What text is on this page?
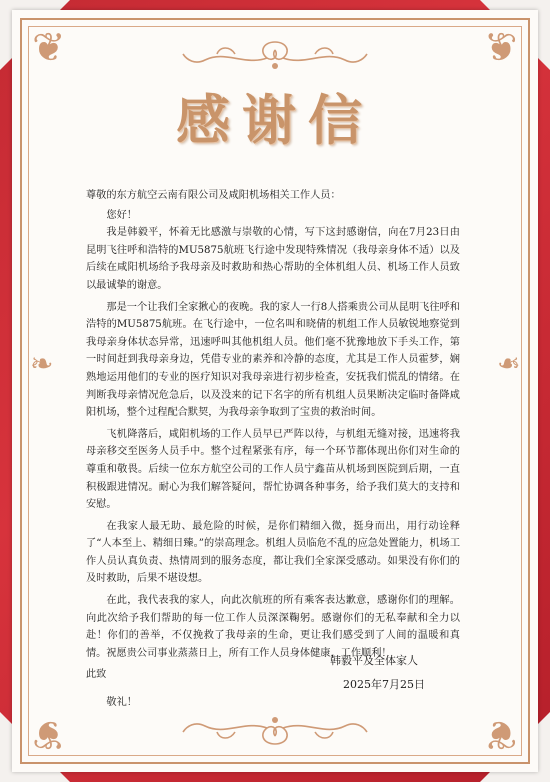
❦	❦
❦	❦
❧	❧
感谢信

尊敬的东方航空云南有限公司及咸阳机场相关工作人员：

您好！

我是韩毅平，怀着无比感激与崇敬的心情，写下这封感谢信，向在7月23日由昆明飞往呼和浩特的MU5875航班飞行途中发现特殊情况（我母亲身体不适）以及后续在咸阳机场给予我母亲及时救助和热心帮助的全体机组人员、机场工作人员致以最诚挚的谢意。

那是一个让我们全家揪心的夜晚。我的家人一行8人搭乘贵公司从昆明飞往呼和浩特的MU5875航班。在飞行途中，一位名叫和晓倩的机组工作人员敏锐地察觉到我母亲身体状态异常，迅速呼叫其他机组人员。他们毫不犹豫地放下手头工作，第一时间赶到我母亲身边，凭借专业的素养和冷静的态度，尤其是工作人员霍梦，娴熟地运用他们的专业的医疗知识对我母亲进行初步检查，安抚我们慌乱的情绪。在判断我母亲情况危急后，以及没来的记下名字的所有机组人员果断决定临时备降咸阳机场，整个过程配合默契，为我母亲争取到了宝贵的救治时间。

飞机降落后，咸阳机场的工作人员早已严阵以待，与机组无缝对接，迅速将我母亲移交至医务人员手中。整个过程紧张有序，每一个环节都体现出你们对生命的尊重和敬畏。后续一位东方航空公司的工作人员宁鑫苗从机场到医院到后期，一直积极跟进情况。耐心为我们解答疑问，帮忙协调各种事务，给予我们莫大的支持和安慰。

在我家人最无助、最危险的时候，是你们精细入微，挺身而出，用行动诠释了“人本至上、精细日臻。”的崇高理念。机组人员临危不乱的应急处置能力，机场工作人员认真负责、热情周到的服务态度，都让我们全家深受感动。如果没有你们的及时救助，后果不堪设想。

在此，我代表我的家人，向此次航班的所有乘客表达歉意，感谢你们的理解。向此次给予我们帮助的每一位工作人员深深鞠躬。感谢你们的无私奉献和全力以赴！你们的善举，不仅挽救了我母亲的生命，更让我们感受到了人间的温暖和真情。祝愿贵公司事业蒸蒸日上，所有工作人员身体健康，工作顺利！

此致

敬礼！

韩毅平及全体家人
2025年7月25日
